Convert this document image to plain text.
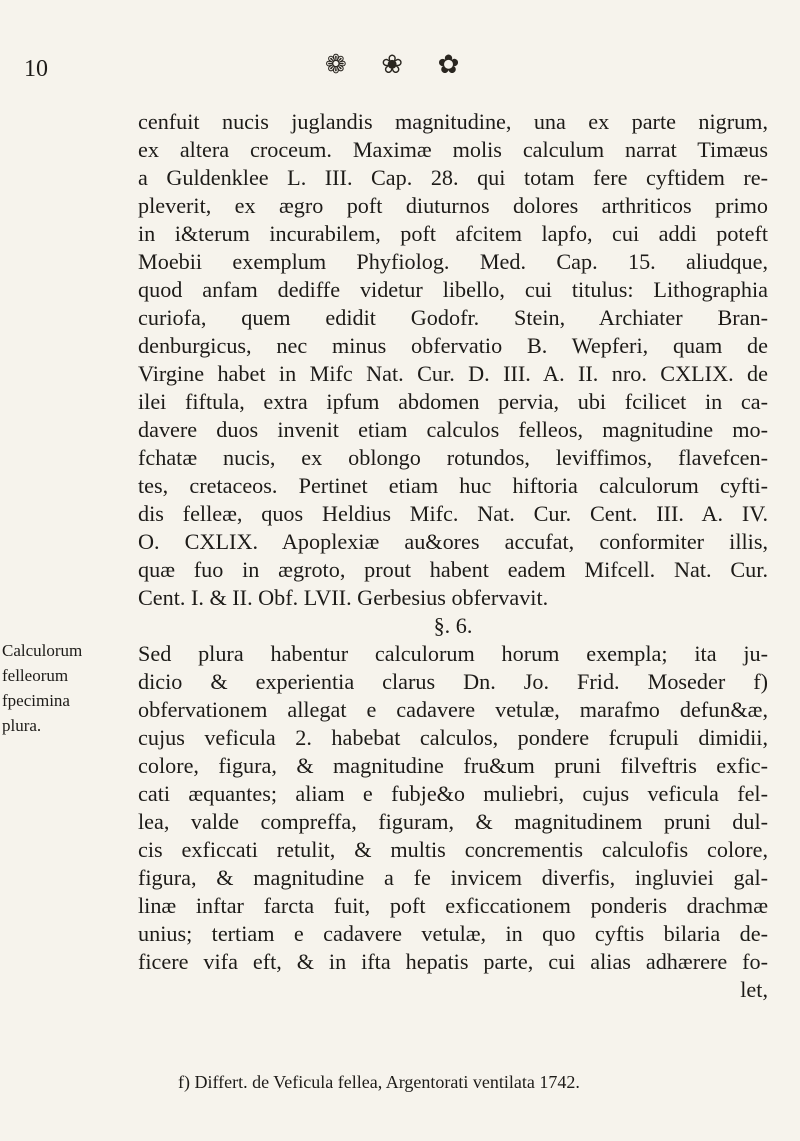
10	❁ ❀ ✿
cenfuit nucis juglandis magnitudine, una ex parte nigrum,
ex altera croceum. Maximæ molis calculum narrat Timæus
a Guldenklee L. III. Cap. 28. qui totam fere cyftidem re-
pleverit, ex ægro poft diuturnos dolores arthriticos primo
in i&terum incurabilem, poft afcitem lapfo, cui addi poteft
Moebii exemplum Phyfiolog. Med. Cap. 15. aliudque,
quod anfam dediffe videtur libello, cui titulus: Lithographia
curiofa, quem edidit Godofr. Stein, Archiater Bran-
denburgicus, nec minus obfervatio B. Wepferi, quam de
Virgine habet in Mifc Nat. Cur. D. III. A. II. nro. CXLIX. de
ilei fiftula, extra ipfum abdomen pervia, ubi fcilicet in ca-
davere duos invenit etiam calculos felleos, magnitudine mo-
fchatæ nucis, ex oblongo rotundos, leviffimos, flavefcen-
tes, cretaceos. Pertinet etiam huc hiftoria calculorum cyfti-
dis felleæ, quos Heldius Mifc. Nat. Cur. Cent. III. A. IV.
O. CXLIX. Apoplexiæ au&ores accufat, conformiter illis,
quæ fuo in ægroto, prout habent eadem Mifcell. Nat. Cur.
Cent. I. & II. Obf. LVII. Gerbesius obfervavit.
§. 6.
Sed plura habentur calculorum horum exempla; ita ju-
dicio & experientia clarus Dn. Jo. Frid. Moseder f)
obfervationem allegat e cadavere vetulæ, marafmo defun&æ,
cujus veficula 2. habebat calculos, pondere fcrupuli dimidii,
colore, figura, & magnitudine fru&um pruni filveftris exfic-
cati æquantes; aliam e fubje&o muliebri, cujus veficula fel-
lea, valde compreffa, figuram, & magnitudinem pruni dul-
cis exficcati retulit, & multis concrementis calculofis colore,
figura, & magnitudine a fe invicem diverfis, ingluviei gal-
linæ inftar farcta fuit, poft exficcationem ponderis drachmæ
unius; tertiam e cadavere vetulæ, in quo cyftis bilaria de-
ficere vifa eft, & in ifta hepatis parte, cui alias adhærere fo-
let,
Calculorum
felleorum
fpecimina
plura.
f) Differt. de Veficula fellea, Argentorati ventilata 1742.
